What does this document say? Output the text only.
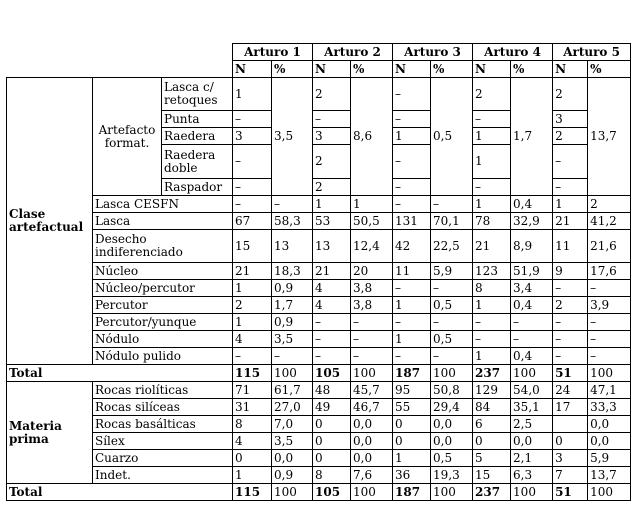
			Arturo 1		Arturo 2		Arturo 3		Arturo 4		Arturo 5	
			N	%	N	%	N	%	N	%	N	%
Clase artefactual	Artefacto format.	Lasca c/ retoques	1	3,5	2	8,6	–	0,5	2	1,7	2	13,7
		Punta	–		–		–		–		3	
		Raedera	3		3		1		1		2	
		Raedera doble	–		2		–		1		–	
		Raspador	–		2		–		–		–	
	Lasca CESFN		–	–	1	1	–	–	1	0,4	1	2
	Lasca		67	58,3	53	50,5	131	70,1	78	32,9	21	41,2
	Desecho indiferenciado		15	13	13	12,4	42	22,5	21	8,9	11	21,6
	Núcleo		21	18,3	21	20	11	5,9	123	51,9	9	17,6
	Núcleo/percutor		1	0,9	4	3,8	–	–	8	3,4	–	–
	Percutor		2	1,7	4	3,8	1	0,5	1	0,4	2	3,9
	Percutor/yunque		1	0,9	–	–	–	–	–	–	–	–
	Nódulo		4	3,5	–	–	1	0,5	–	–	–	–
	Nódulo pulido		–	–	–	–	–	–	1	0,4	–	–
Total			115	100	105	100	187	100	237	100	51	100
Materia prima	Rocas riolíticas		71	61,7	48	45,7	95	50,8	129	54,0	24	47,1
	Rocas silíceas		31	27,0	49	46,7	55	29,4	84	35,1	17	33,3
	Rocas basálticas		8	7,0	0	0,0	0	0,0	6	2,5		0,0
	Sílex		4	3,5	0	0,0	0	0,0	0	0,0	0	0,0
	Cuarzo		0	0,0	0	0,0	1	0,5	5	2,1	3	5,9
	Indet.		1	0,9	8	7,6	36	19,3	15	6,3	7	13,7
Total			115	100	105	100	187	100	237	100	51	100
